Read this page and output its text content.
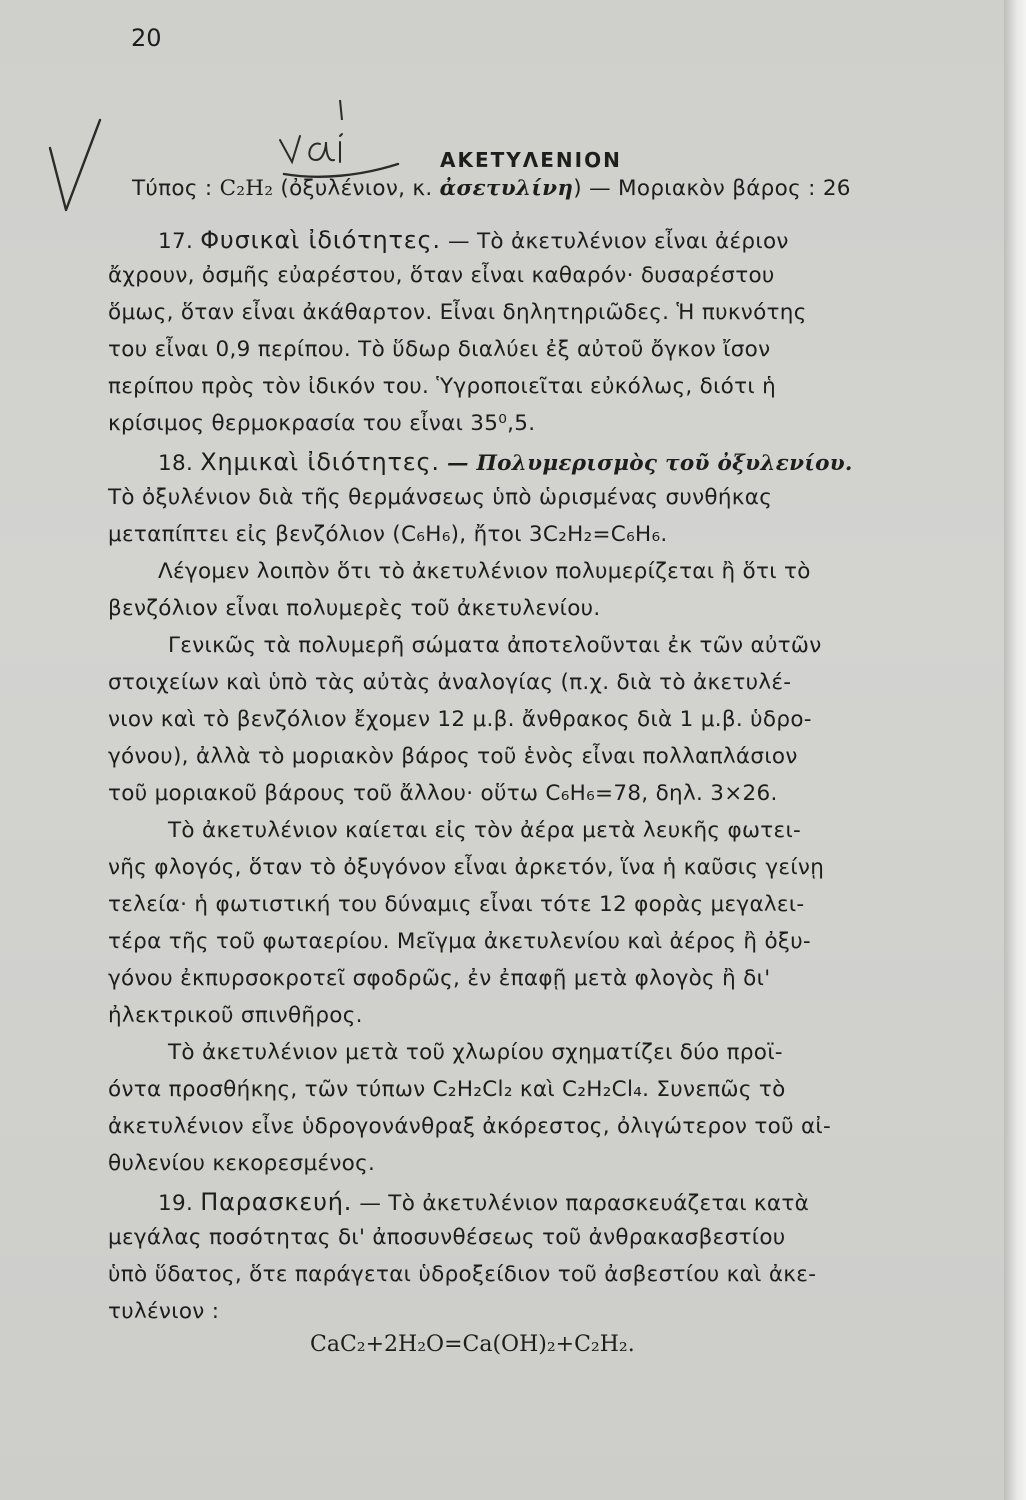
20
ΑΚΕΤΥΛΕΝΙΟΝ
Τύπος : C₂H₂ (ὀξυλένιον, κ. ἀσετυλίνη) — Μοριακὸν βάρος : 26
17. Φυσικαὶ ἰδιότητες. — Τὸ ἀκετυλένιον εἶναι ἀέριον
ἄχρουν, ὀσμῆς εὐαρέστου, ὅταν εἶναι καθαρόν· δυσαρέστου
ὅμως, ὅταν εἶναι ἀκάθαρτον. Εἶναι δηλητηριῶδες. Ἡ πυκνότης
του εἶναι 0,9 περίπου. Τὸ ὕδωρ διαλύει ἐξ αὐτοῦ ὄγκον ἴσον
περίπου πρὸς τὸν ἰδικόν του. Ὑγροποιεῖται εὐκόλως, διότι ἡ
κρίσιμος θερμοκρασία του εἶναι 35⁰,5.
18. Χημικαὶ ἰδιότητες. — Πολυμερισμὸς τοῦ ὀξυλενίου.
Τὸ ὀξυλένιον διὰ τῆς θερμάνσεως ὑπὸ ὡρισμένας συνθήκας
μεταπίπτει εἰς βενζόλιον (C₆H₆), ἤτοι 3C₂H₂=C₆H₆.
Λέγομεν λοιπὸν ὅτι τὸ ἀκετυλένιον πολυμερίζεται ἢ ὅτι τὸ
βενζόλιον εἶναι πολυμερὲς τοῦ ἀκετυλενίου.
Γενικῶς τὰ πολυμερῆ σώματα ἀποτελοῦνται ἐκ τῶν αὐτῶν
στοιχείων καὶ ὑπὸ τὰς αὐτὰς ἀναλογίας (π.χ. διὰ τὸ ἀκετυλέ-
νιον καὶ τὸ βενζόλιον ἔχομεν 12 μ.β. ἄνθρακος διὰ 1 μ.β. ὑδρο-
γόνου), ἀλλὰ τὸ μοριακὸν βάρος τοῦ ἑνὸς εἶναι πολλαπλάσιον
τοῦ μοριακοῦ βάρους τοῦ ἄλλου· οὕτω C₆H₆=78, δηλ. 3×26.
Τὸ ἀκετυλένιον καίεται εἰς τὸν ἀέρα μετὰ λευκῆς φωτει-
νῆς φλογός, ὅταν τὸ ὀξυγόνον εἶναι ἀρκετόν, ἵνα ἡ καῦσις γείνῃ
τελεία· ἡ φωτιστική του δύναμις εἶναι τότε 12 φορὰς μεγαλει-
τέρα τῆς τοῦ φωταερίου. Μεῖγμα ἀκετυλενίου καὶ ἀέρος ἢ ὀξυ-
γόνου ἐκπυρσοκροτεῖ σφοδρῶς, ἐν ἐπαφῇ μετὰ φλογὸς ἢ δι'
ἠλεκτρικοῦ σπινθῆρος.
Τὸ ἀκετυλένιον μετὰ τοῦ χλωρίου σχηματίζει δύο προϊ-
όντα προσθήκης, τῶν τύπων C₂H₂Cl₂ καὶ C₂H₂Cl₄. Συνεπῶς τὸ
ἀκετυλένιον εἶνε ὑδρογονάνθραξ ἀκόρεστος, ὀλιγώτερον τοῦ αἰ-
θυλενίου κεκορεσμένος.
19. Παρασκευή. — Τὸ ἀκετυλένιον παρασκευάζεται κατὰ
μεγάλας ποσότητας δι' ἀποσυνθέσεως τοῦ ἀνθρακασβεστίου
ὑπὸ ὕδατος, ὅτε παράγεται ὑδροξείδιον τοῦ ἀσβεστίου καὶ ἀκε-
τυλένιον :
CaC₂+2H₂O=Ca(OH)₂+C₂H₂.
